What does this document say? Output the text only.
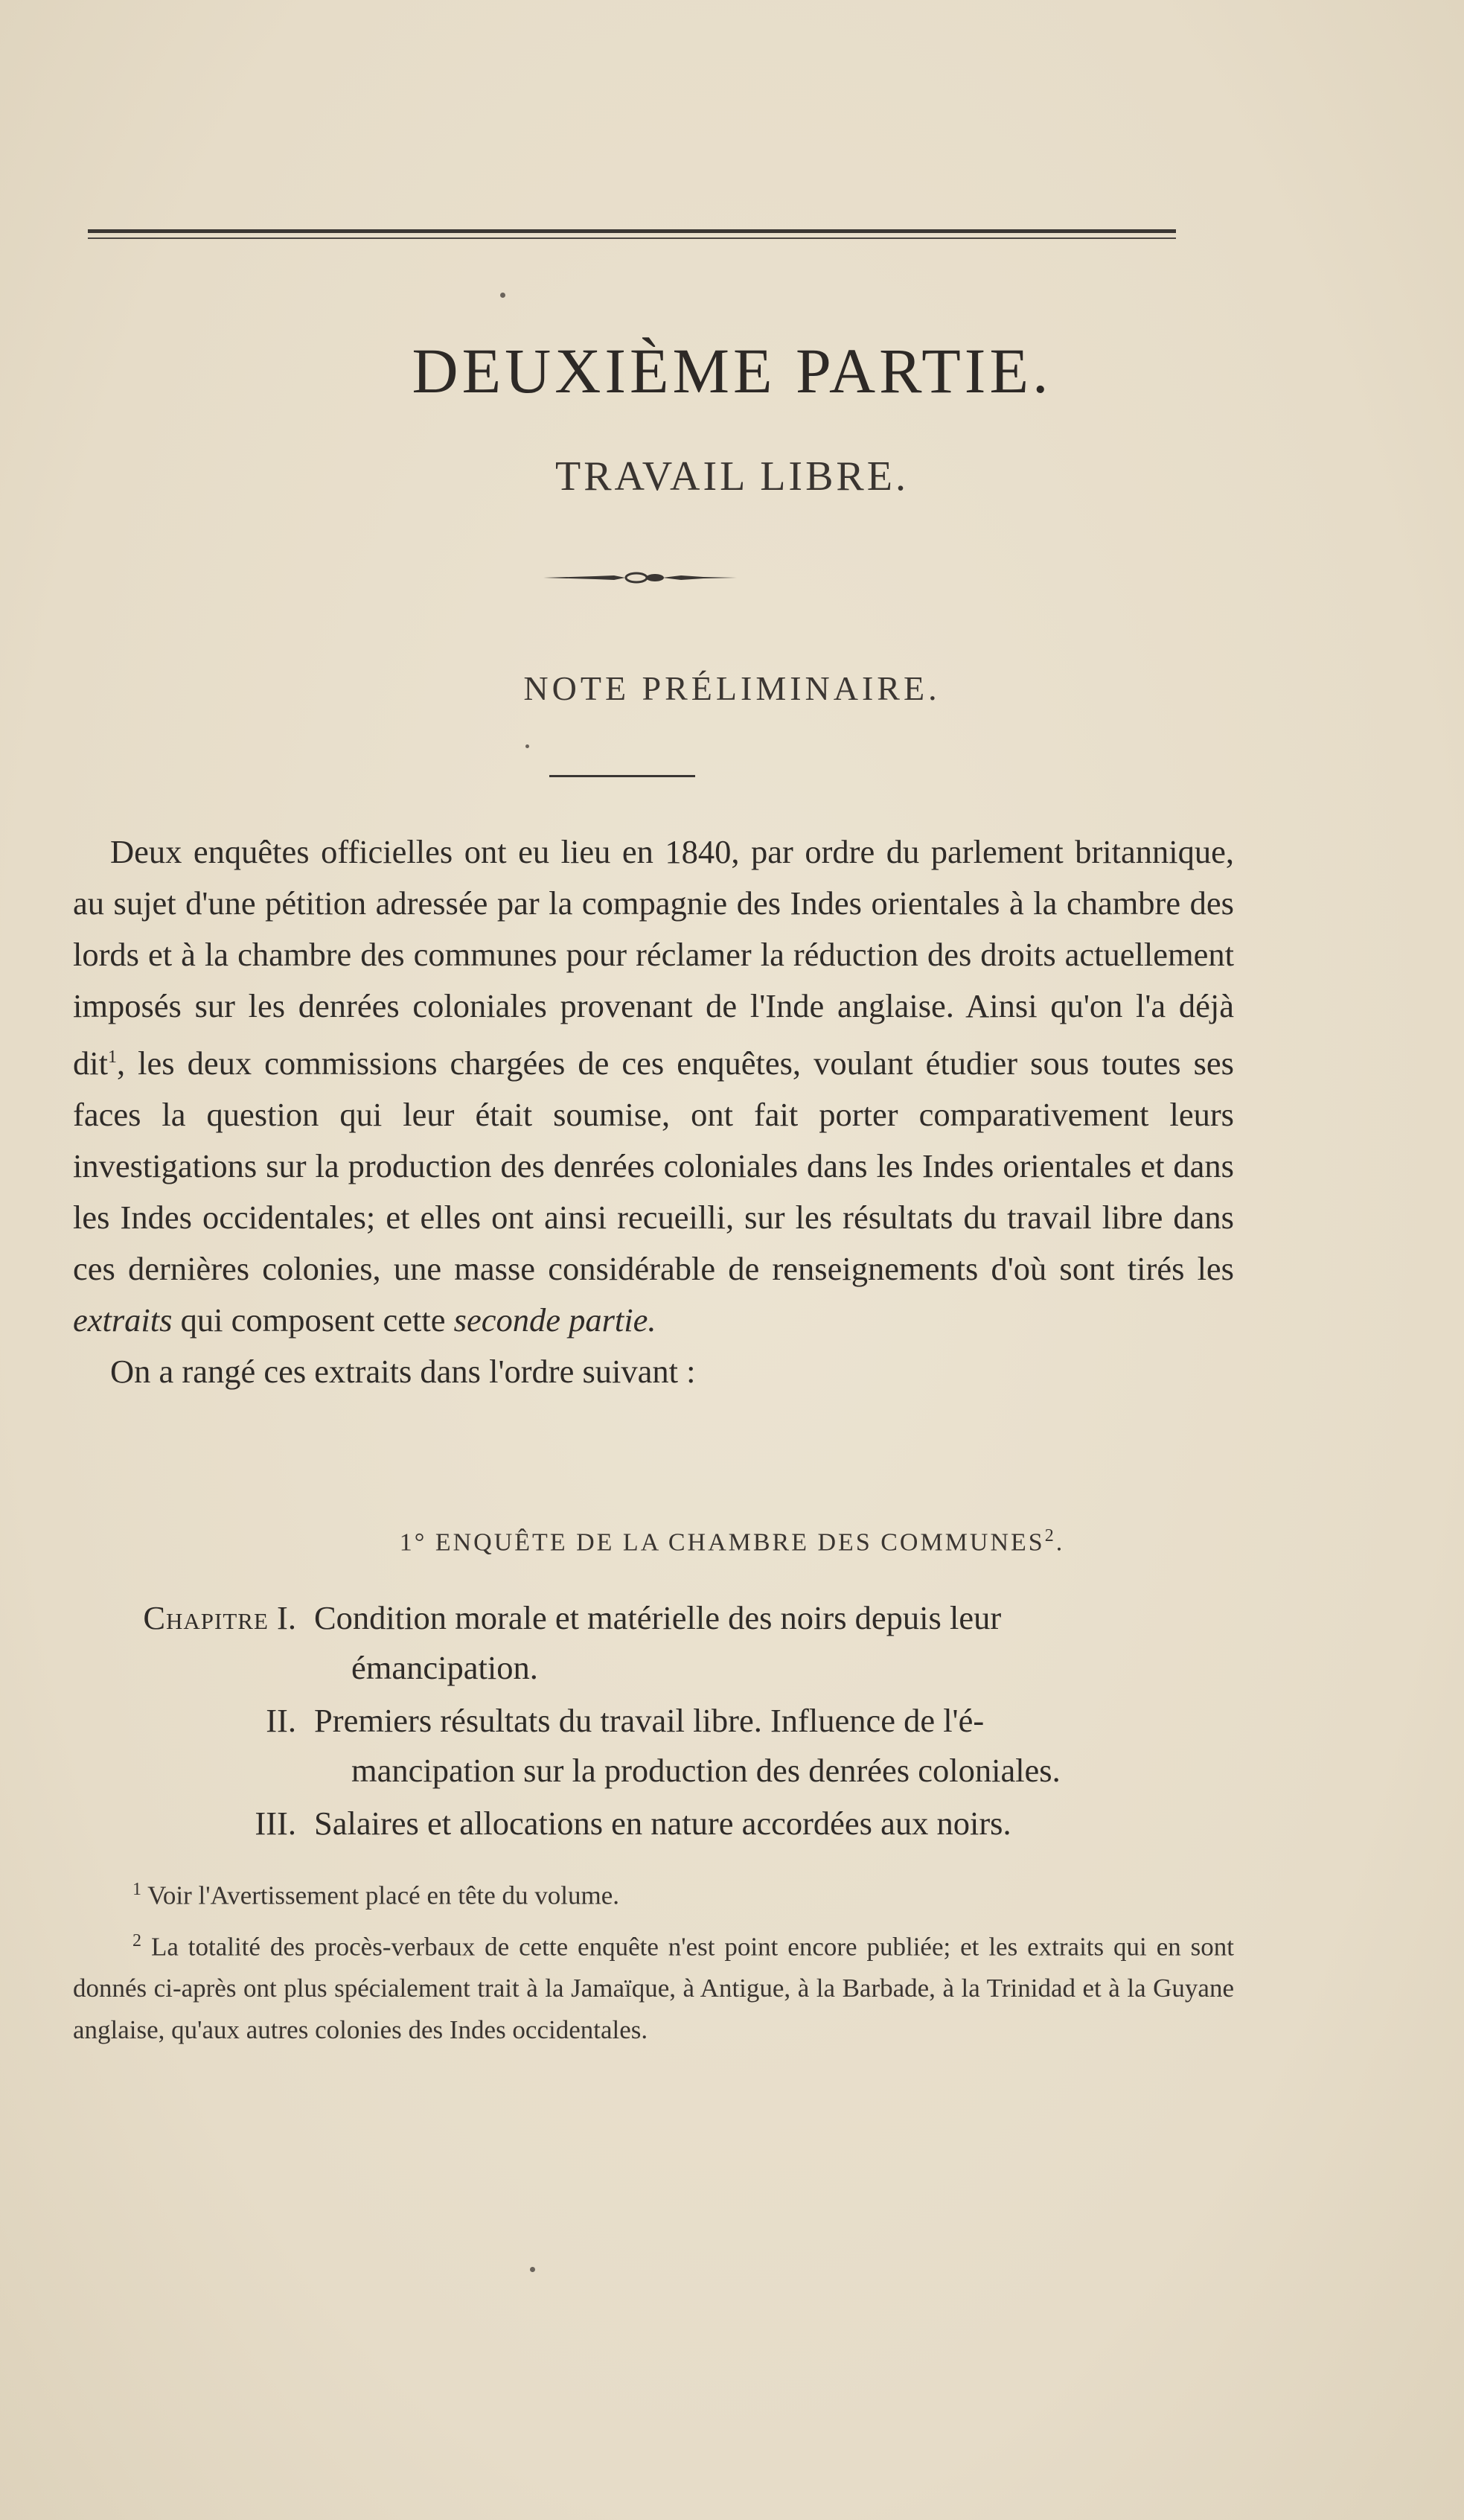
DEUXIÈME PARTIE.
TRAVAIL LIBRE.
NOTE PRÉLIMINAIRE.

Deux enquêtes officielles ont eu lieu en 1840, par ordre du parlement britannique, au sujet d'une pétition adressée par la compagnie des Indes orientales à la chambre des lords et à la chambre des communes pour réclamer la réduction des droits actuellement imposés sur les denrées coloniales provenant de l'Inde anglaise. Ainsi qu'on l'a déjà dit$^1$, les deux commissions chargées de ces enquêtes, voulant étudier sous toutes ses faces la question qui leur était soumise, ont fait porter comparativement leurs investigations sur la production des denrées coloniales dans les Indes orientales et dans les Indes occidentales; et elles ont ainsi recueilli, sur les résultats du travail libre dans ces dernières colonies, une masse considérable de renseignements d'où sont tirés les extraits qui composent cette seconde partie.

On a rangé ces extraits dans l'ordre suivant :

1° ENQUÊTE DE LA CHAMBRE DES COMMUNES$^2$.
Chapitre I. Condition morale et matérielle des noirs depuis leur
émancipation.
II. Premiers résultats du travail libre. Influence de l'é-
mancipation sur la production des denrées coloniales.
III. Salaires et allocations en nature accordées aux noirs.

$^1$ Voir l'Avertissement placé en tête du volume.

$^2$ La totalité des procès-verbaux de cette enquête n'est point encore publiée; et les extraits qui en sont donnés ci-après ont plus spécialement trait à la Jamaïque, à Antigue, à la Barbade, à la Trinidad et à la Guyane anglaise, qu'aux autres colonies des Indes occidentales.
